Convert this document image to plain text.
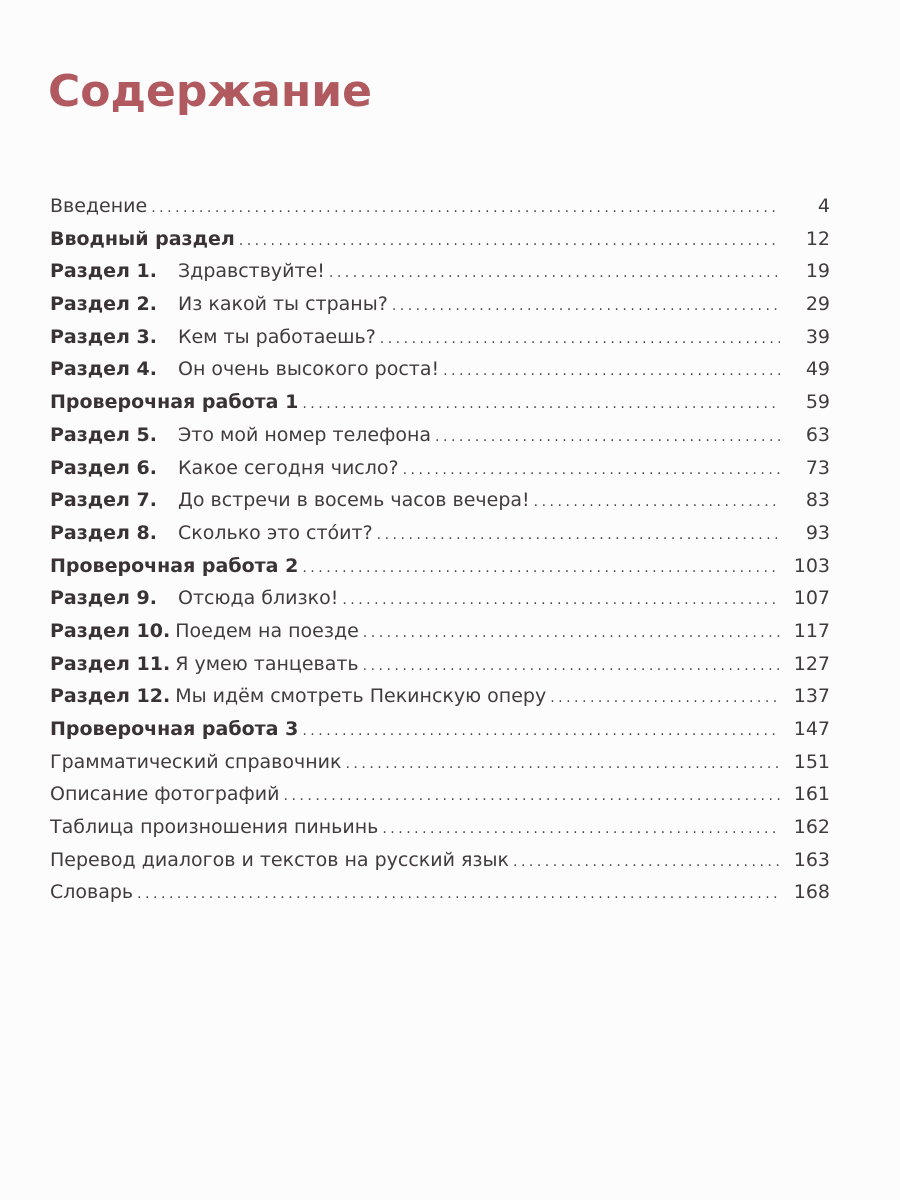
Содержание
Введение .....	4
Вводный раздел .....	12
Раздел 1.	Здравствуйте! .....	19
Раздел 2.	Из какой ты страны? .....	29
Раздел 3.	Кем ты работаешь? .....	39
Раздел 4.	Он очень высокого роста! .....	49
Проверочная работа 1 .....	59
Раздел 5.	Это мой номер телефона .....	63
Раздел 6.	Какое сегодня число? .....	73
Раздел 7.	До встречи в восемь часов вечера! .....	83
Раздел 8.	Сколько это сто́ит? .....	93
Проверочная работа 2 .....	103
Раздел 9.	Отсюда близко! .....	107
Раздел 10. Поедем на поезде .....	117
Раздел 11. Я умею танцевать .....	127
Раздел 12. Мы идём смотреть Пекинскую оперу .....	137
Проверочная работа 3 .....	147
Грамматический справочник .....	151
Описание фотографий .....	161
Таблица произношения пиньинь .....	162
Перевод диалогов и текстов на русский язык .....	163
Словарь .....	168
